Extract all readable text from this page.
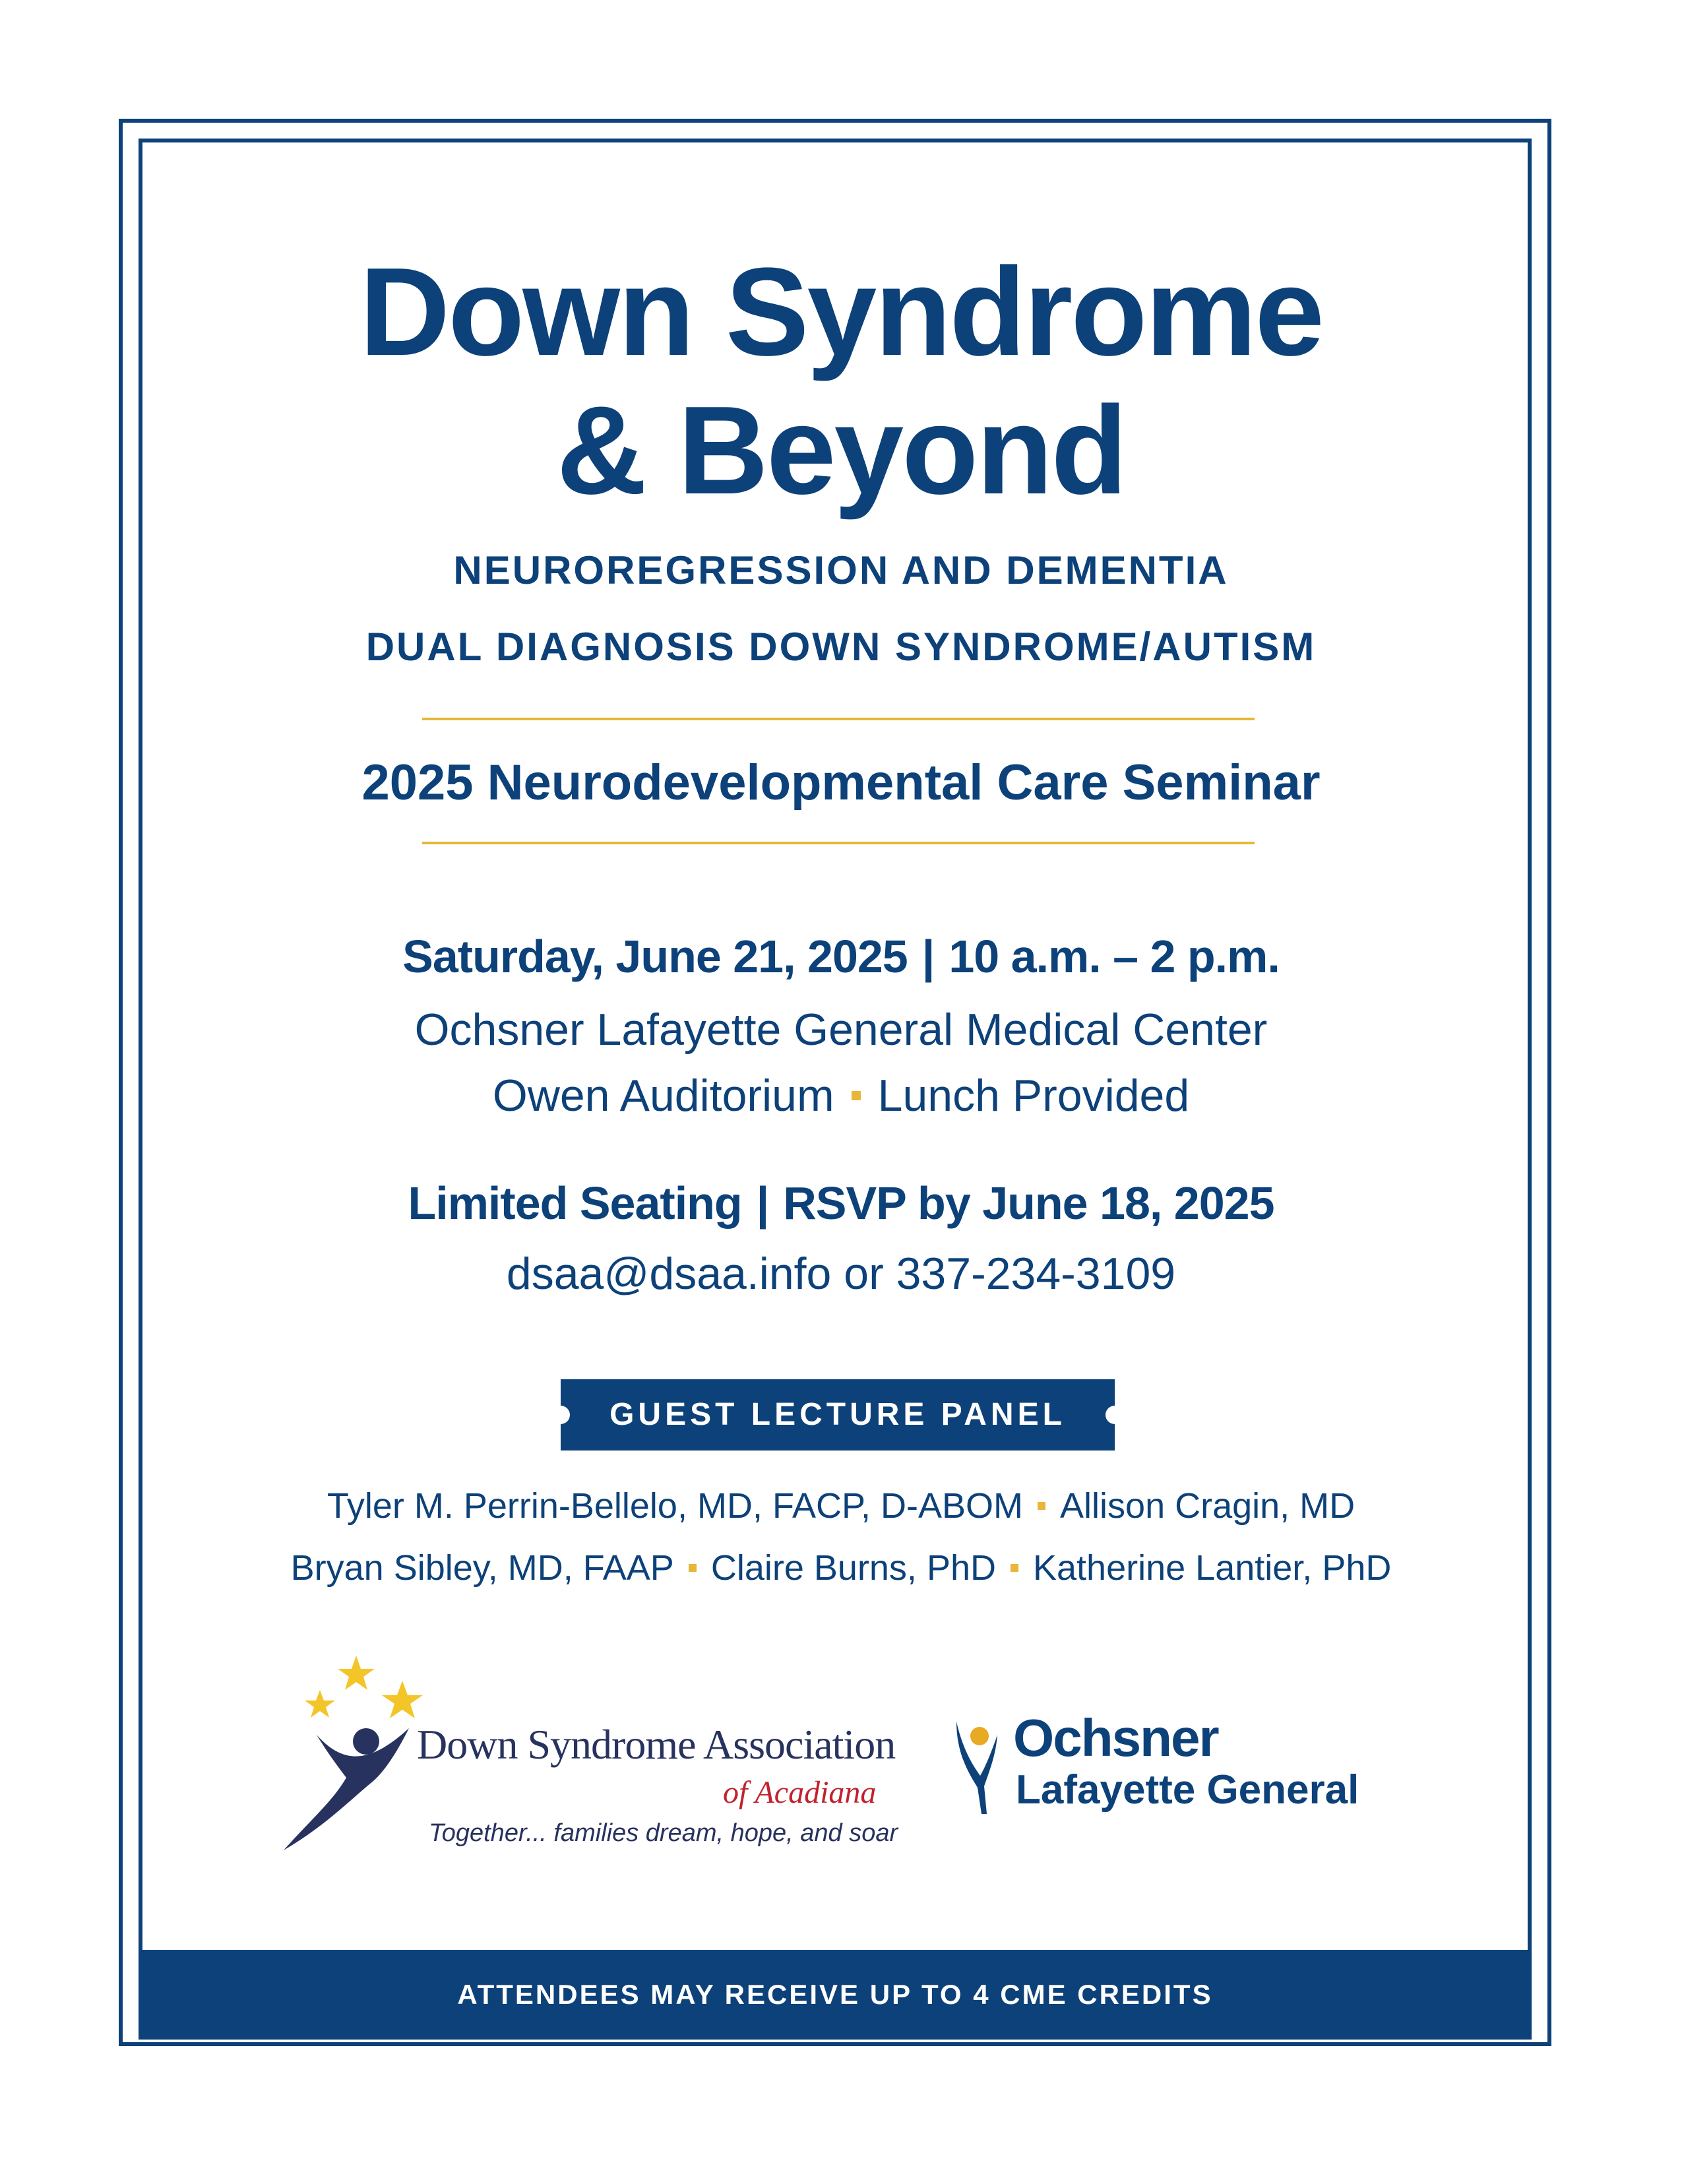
Down Syndrome
& Beyond
NEUROREGRESSION AND DEMENTIA
DUAL DIAGNOSIS DOWN SYNDROME/AUTISM
2025 Neurodevelopmental Care Seminar
Saturday, June 21, 2025 | 10 a.m. – 2 p.m.
Ochsner Lafayette General Medical Center
Owen Auditorium Lunch Provided
Limited Seating | RSVP by June 18, 2025
dsaa@dsaa.info or 337-234-3109
GUEST LECTURE PANEL
Tyler M. Perrin-Bellelo, MD, FACP, D-ABOM Allison Cragin, MD
Bryan Sibley, MD, FAAP Claire Burns, PhD Katherine Lantier, PhD
Down Syndrome Association
of Acadiana
Together... families dream, hope, and soar
Ochsner
Lafayette General
ATTENDEES MAY RECEIVE UP TO 4 CME CREDITS
